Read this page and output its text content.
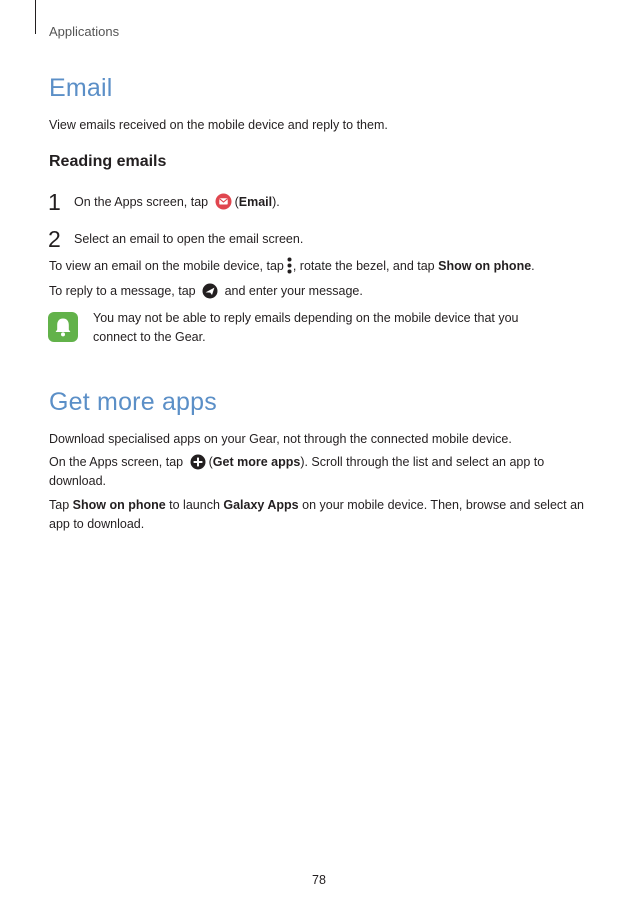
Applications
Email
View emails received on the mobile device and reply to them.
Reading emails
1 On the Apps screen, tap (Email).
2 Select an email to open the email screen.
To view an email on the mobile device, tap , rotate the bezel, and tap Show on phone.
To reply to a message, tap and enter your message.
You may not be able to reply emails depending on the mobile device that you connect to the Gear.
Get more apps
Download specialised apps on your Gear, not through the connected mobile device.
On the Apps screen, tap (Get more apps). Scroll through the list and select an app to download.
Tap Show on phone to launch Galaxy Apps on your mobile device. Then, browse and select an app to download.
78
